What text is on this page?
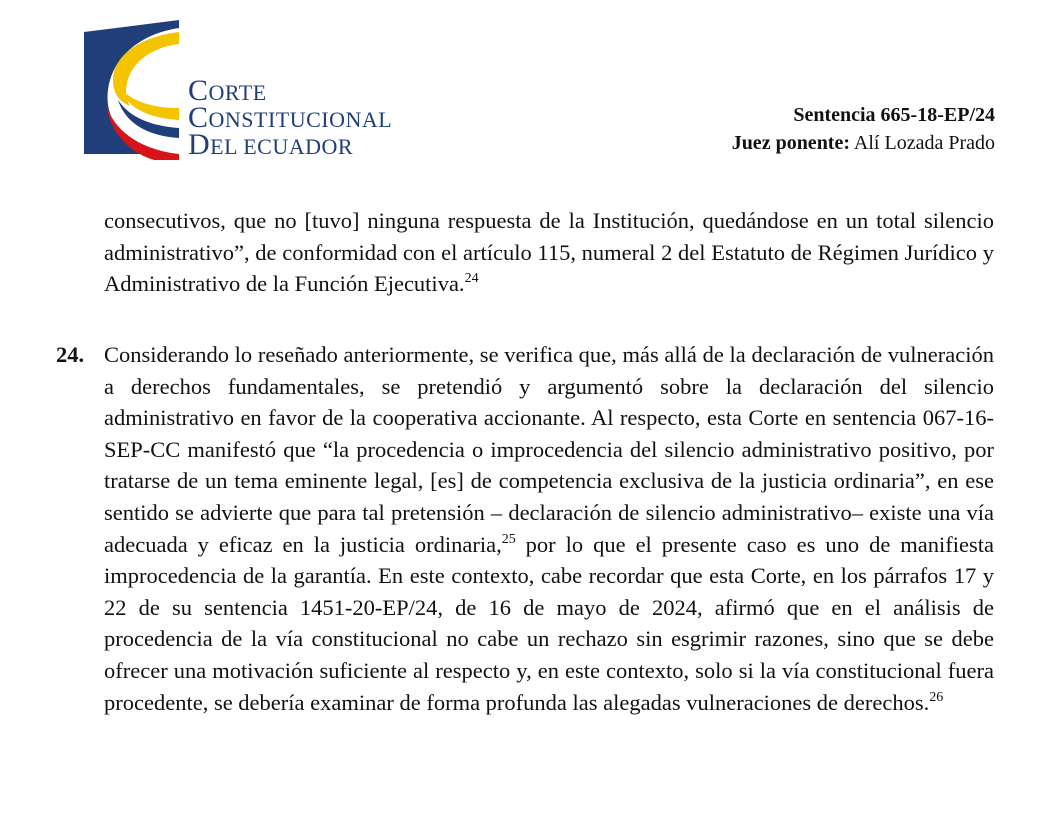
CORTE
CONSTITUCIONAL
DEL ECUADOR
Sentencia 665-18-EP/24
Juez ponente: Alí Lozada Prado
consecutivos, que no [tuvo] ninguna respuesta de la Institución, quedándose en un total silencio administrativo”, de conformidad con el artículo 115, numeral 2 del Estatuto de Régimen Jurídico y Administrativo de la Función Ejecutiva.$^{24}$
24. Considerando lo reseñado anteriormente, se verifica que, más allá de la declaración de vulneración a derechos fundamentales, se pretendió y argumentó sobre la declaración del silencio administrativo en favor de la cooperativa accionante. Al respecto, esta Corte en sentencia 067-16-SEP-CC manifestó que “la procedencia o improcedencia del silencio administrativo positivo, por tratarse de un tema eminente legal, [es] de competencia exclusiva de la justicia ordinaria”, en ese sentido se advierte que para tal pretensión – declaración de silencio administrativo– existe una vía adecuada y eficaz en la justicia ordinaria,$^{25}$ por lo que el presente caso es uno de manifiesta improcedencia de la garantía. En este contexto, cabe recordar que esta Corte, en los párrafos 17 y 22 de su sentencia 1451-20-EP/24, de 16 de mayo de 2024, afirmó que en el análisis de procedencia de la vía constitucional no cabe un rechazo sin esgrimir razones, sino que se debe ofrecer una motivación suficiente al respecto y, en este contexto, solo si la vía constitucional fuera procedente, se debería examinar de forma profunda las alegadas vulneraciones de derechos.$^{26}$
